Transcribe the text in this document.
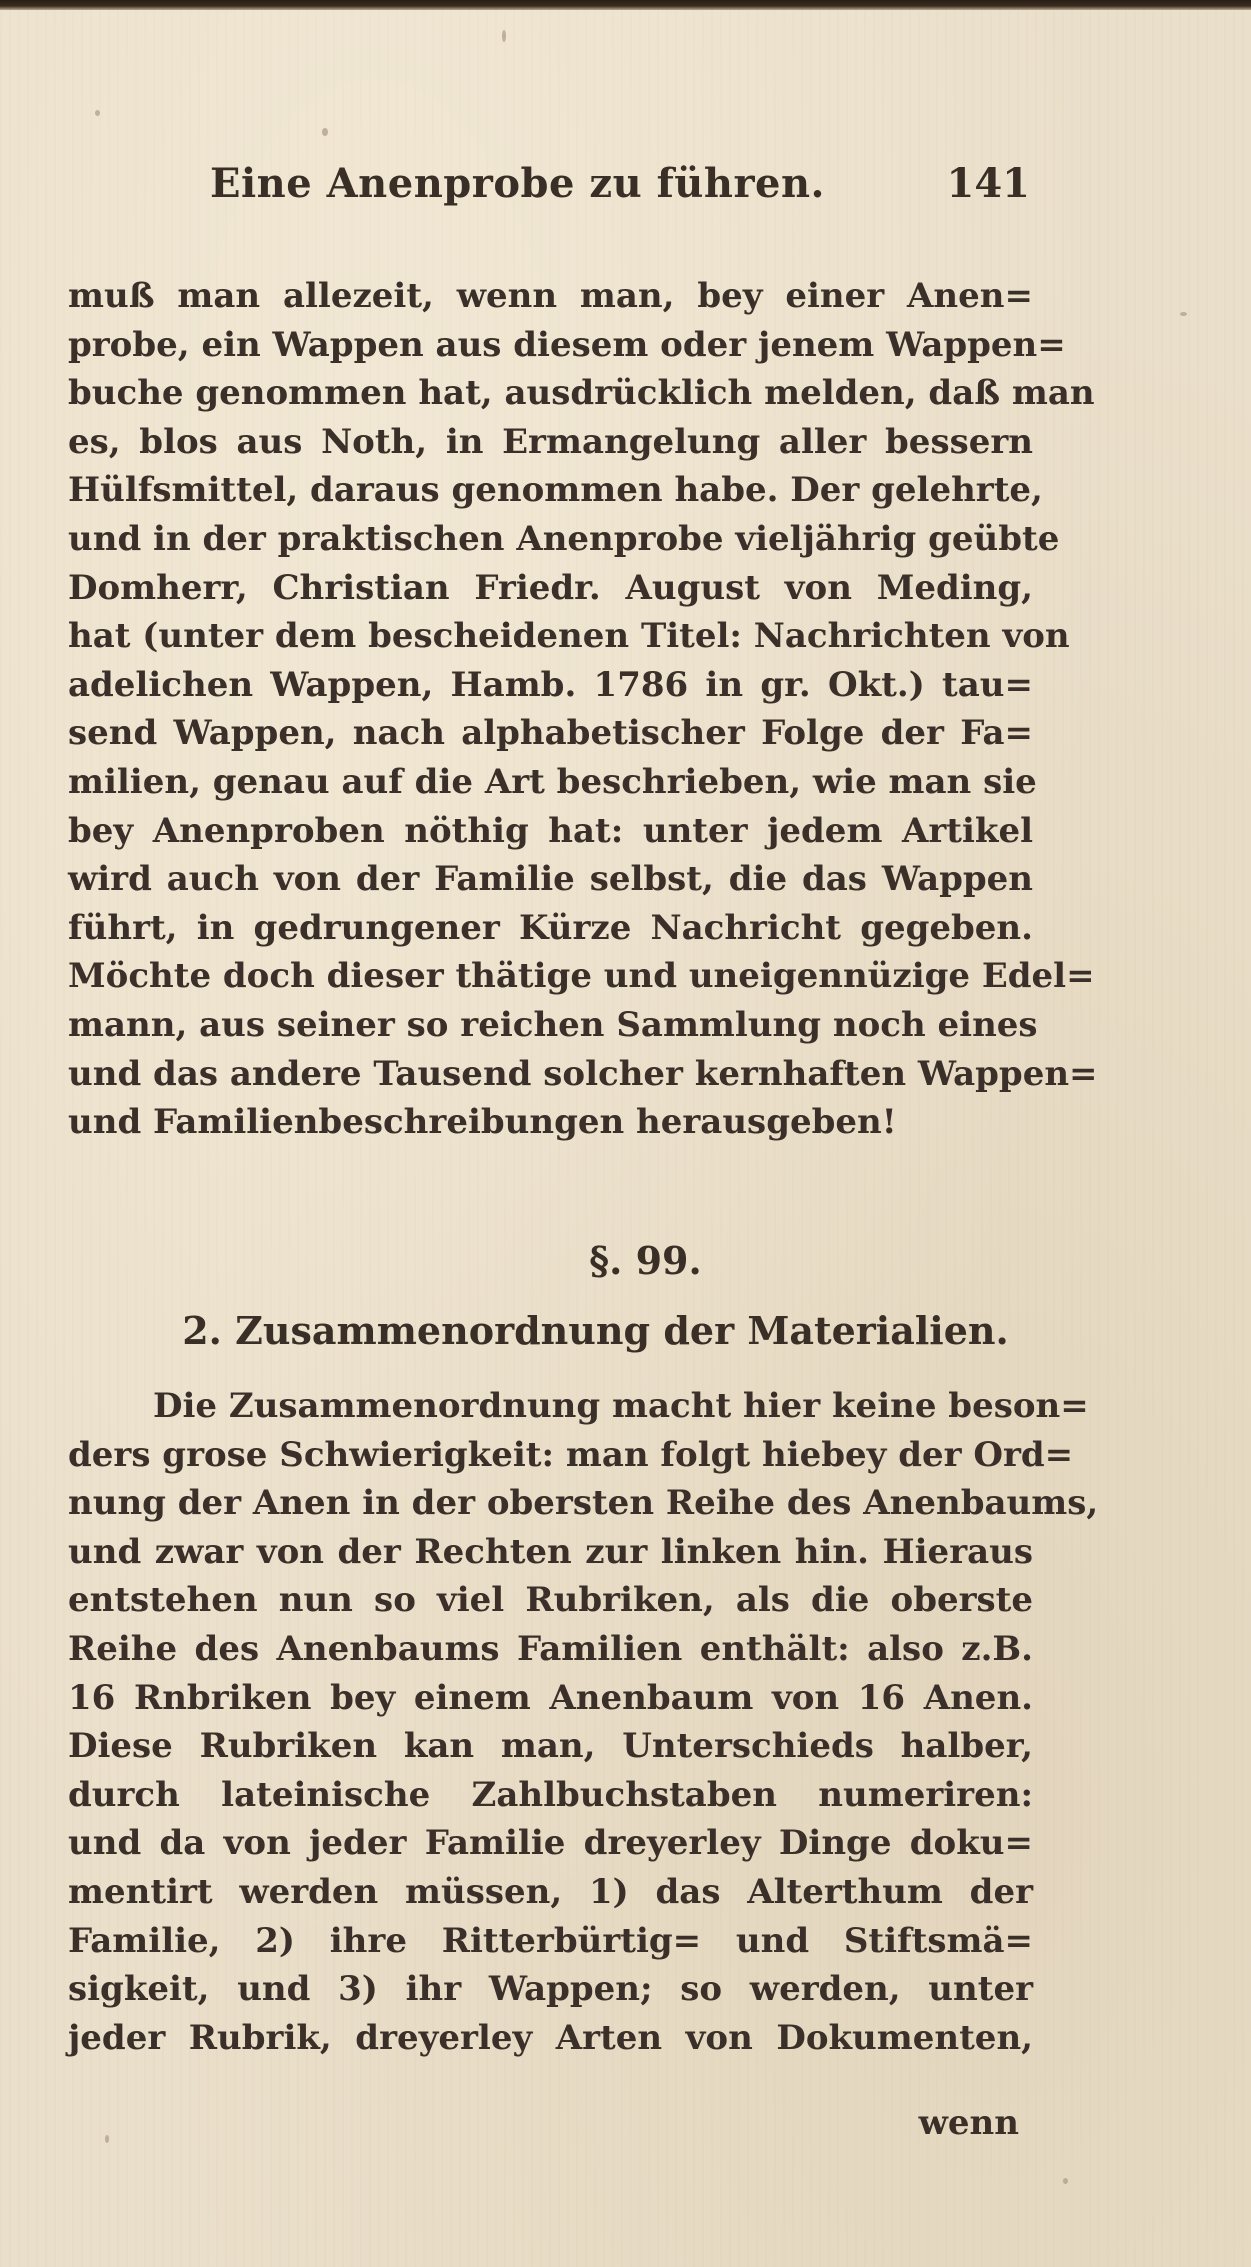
Eine Anenprobe zu führen.	141
muß man allezeit, wenn man, bey einer Anen=
probe, ein Wappen aus diesem oder jenem Wappen=
buche genommen hat, ausdrücklich melden, daß man
es, blos aus Noth, in Ermangelung aller bessern
Hülfsmittel, daraus genommen habe. Der gelehrte,
und in der praktischen Anenprobe vieljährig geübte
Domherr, Christian Friedr. August von Meding,
hat (unter dem bescheidenen Titel: Nachrichten von
adelichen Wappen, Hamb. 1786 in gr. Okt.) tau=
send Wappen, nach alphabetischer Folge der Fa=
milien, genau auf die Art beschrieben, wie man sie
bey Anenproben nöthig hat: unter jedem Artikel
wird auch von der Familie selbst, die das Wappen
führt, in gedrungener Kürze Nachricht gegeben.
Möchte doch dieser thätige und uneigennüzige Edel=
mann, aus seiner so reichen Sammlung noch eines
und das andere Tausend solcher kernhaften Wappen=
und Familienbeschreibungen herausgeben!
§. 99.
2. Zusammenordnung der Materialien.
Die Zusammenordnung macht hier keine beson=
ders grose Schwierigkeit: man folgt hiebey der Ord=
nung der Anen in der obersten Reihe des Anenbaums,
und zwar von der Rechten zur linken hin. Hieraus
entstehen nun so viel Rubriken, als die oberste
Reihe des Anenbaums Familien enthält: also z.B.
16 Rnbriken bey einem Anenbaum von 16 Anen.
Diese Rubriken kan man, Unterschieds halber,
durch lateinische Zahlbuchstaben numeriren:
und da von jeder Familie dreyerley Dinge doku=
mentirt werden müssen, 1) das Alterthum der
Familie, 2) ihre Ritterbürtig= und Stiftsmä=
sigkeit, und 3) ihr Wappen; so werden, unter
jeder Rubrik, dreyerley Arten von Dokumenten,
wenn
